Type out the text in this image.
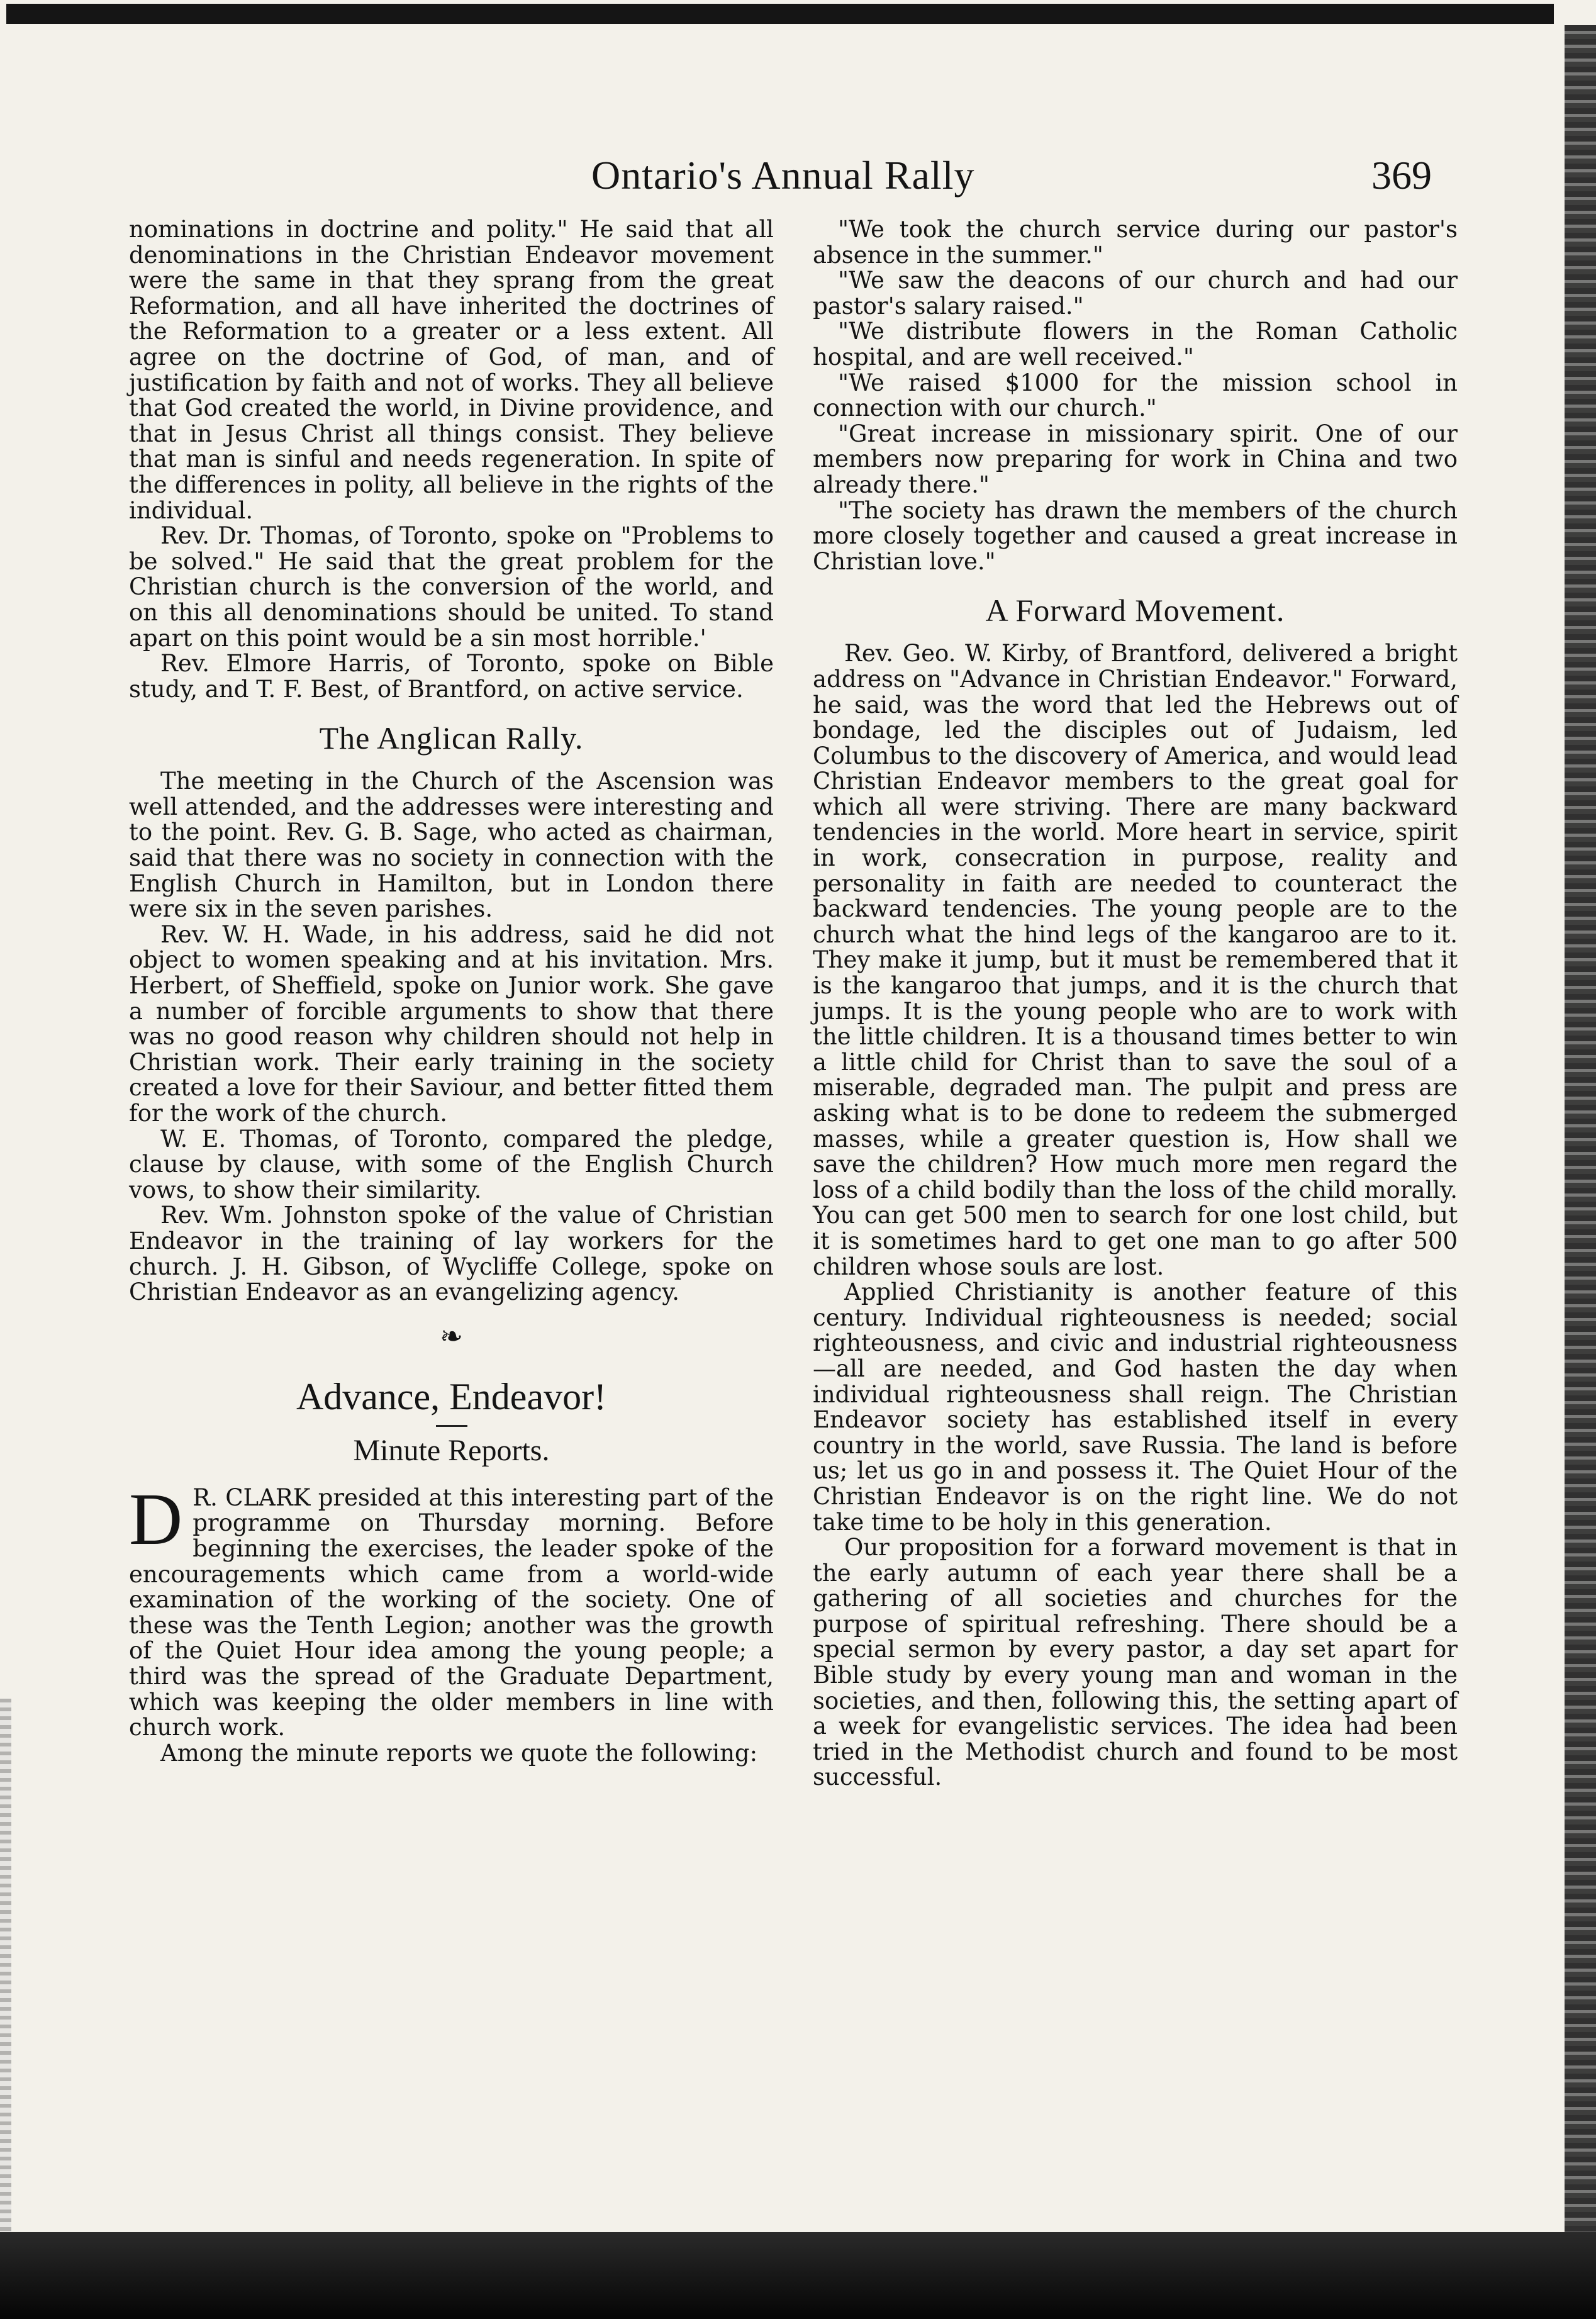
Ontario's Annual Rally	369

nominations in doctrine and polity." He said that all denominations in the Christian Endeavor movement were the same in that they sprang from the great Reformation, and all have inherited the doctrines of the Reformation to a greater or a less extent. All agree on the doctrine of God, of man, and of justification by faith and not of works. They all believe that God created the world, in Divine providence, and that in Jesus Christ all things consist. They believe that man is sinful and needs regeneration. In spite of the differences in polity, all believe in the rights of the individual.

Rev. Dr. Thomas, of Toronto, spoke on "Problems to be solved." He said that the great problem for the Christian church is the conversion of the world, and on this all denominations should be united. To stand apart on this point would be a sin most horrible.'

Rev. Elmore Harris, of Toronto, spoke on Bible study, and T. F. Best, of Brantford, on active service.

The Anglican Rally.

The meeting in the Church of the Ascension was well attended, and the addresses were interesting and to the point. Rev. G. B. Sage, who acted as chairman, said that there was no society in connection with the English Church in Hamilton, but in London there were six in the seven parishes.

Rev. W. H. Wade, in his address, said he did not object to women speaking and at his invitation. Mrs. Herbert, of Sheffield, spoke on Junior work. She gave a number of forcible arguments to show that there was no good reason why children should not help in Christian work. Their early training in the society created a love for their Saviour, and better fitted them for the work of the church.

W. E. Thomas, of Toronto, compared the pledge, clause by clause, with some of the English Church vows, to show their similarity.

Rev. Wm. Johnston spoke of the value of Christian Endeavor in the training of lay workers for the church. J. H. Gibson, of Wycliffe College, spoke on Christian Endeavor as an evangelizing agency.

❧
Advance, Endeavor!
Minute Reports.
D R. CLARK presided at this interesting part of the programme on Thursday morning. Before beginning the exercises, the leader spoke of the encouragements which came from a world-wide examination of the working of the society. One of these was the Tenth Legion; another was the growth of the Quiet Hour idea among the young people; a third was the spread of the Graduate Department, which was keeping the older members in line with church work.

Among the minute reports we quote the following:

"We took the church service during our pastor's absence in the summer."

"We saw the deacons of our church and had our pastor's salary raised."

"We distribute flowers in the Roman Catholic hospital, and are well received."

"We raised $1000 for the mission school in connection with our church."

"Great increase in missionary spirit. One of our members now preparing for work in China and two already there."

"The society has drawn the members of the church more closely together and caused a great increase in Christian love."

A Forward Movement.

Rev. Geo. W. Kirby, of Brantford, delivered a bright address on "Advance in Christian Endeavor." Forward, he said, was the word that led the Hebrews out of bondage, led the disciples out of Judaism, led Columbus to the discovery of America, and would lead Christian Endeavor members to the great goal for which all were striving. There are many backward tendencies in the world. More heart in service, spirit in work, consecration in purpose, reality and personality in faith are needed to counteract the backward tendencies. The young people are to the church what the hind legs of the kangaroo are to it. They make it jump, but it must be remembered that it is the kangaroo that jumps, and it is the church that jumps. It is the young people who are to work with the little children. It is a thousand times better to win a little child for Christ than to save the soul of a miserable, degraded man. The pulpit and press are asking what is to be done to redeem the submerged masses, while a greater question is, How shall we save the children? How much more men regard the loss of a child bodily than the loss of the child morally. You can get 500 men to search for one lost child, but it is sometimes hard to get one man to go after 500 children whose souls are lost.

Applied Christianity is another feature of this century. Individual righteousness is needed; social righteousness, and civic and industrial righteousness—all are needed, and God hasten the day when individual righteousness shall reign. The Christian Endeavor society has established itself in every country in the world, save Russia. The land is before us; let us go in and possess it. The Quiet Hour of the Christian Endeavor is on the right line. We do not take time to be holy in this generation.

Our proposition for a forward movement is that in the early autumn of each year there shall be a gathering of all societies and churches for the purpose of spiritual refreshing. There should be a special sermon by every pastor, a day set apart for Bible study by every young man and woman in the societies, and then, following this, the setting apart of a week for evangelistic services. The idea had been tried in the Methodist church and found to be most successful.
